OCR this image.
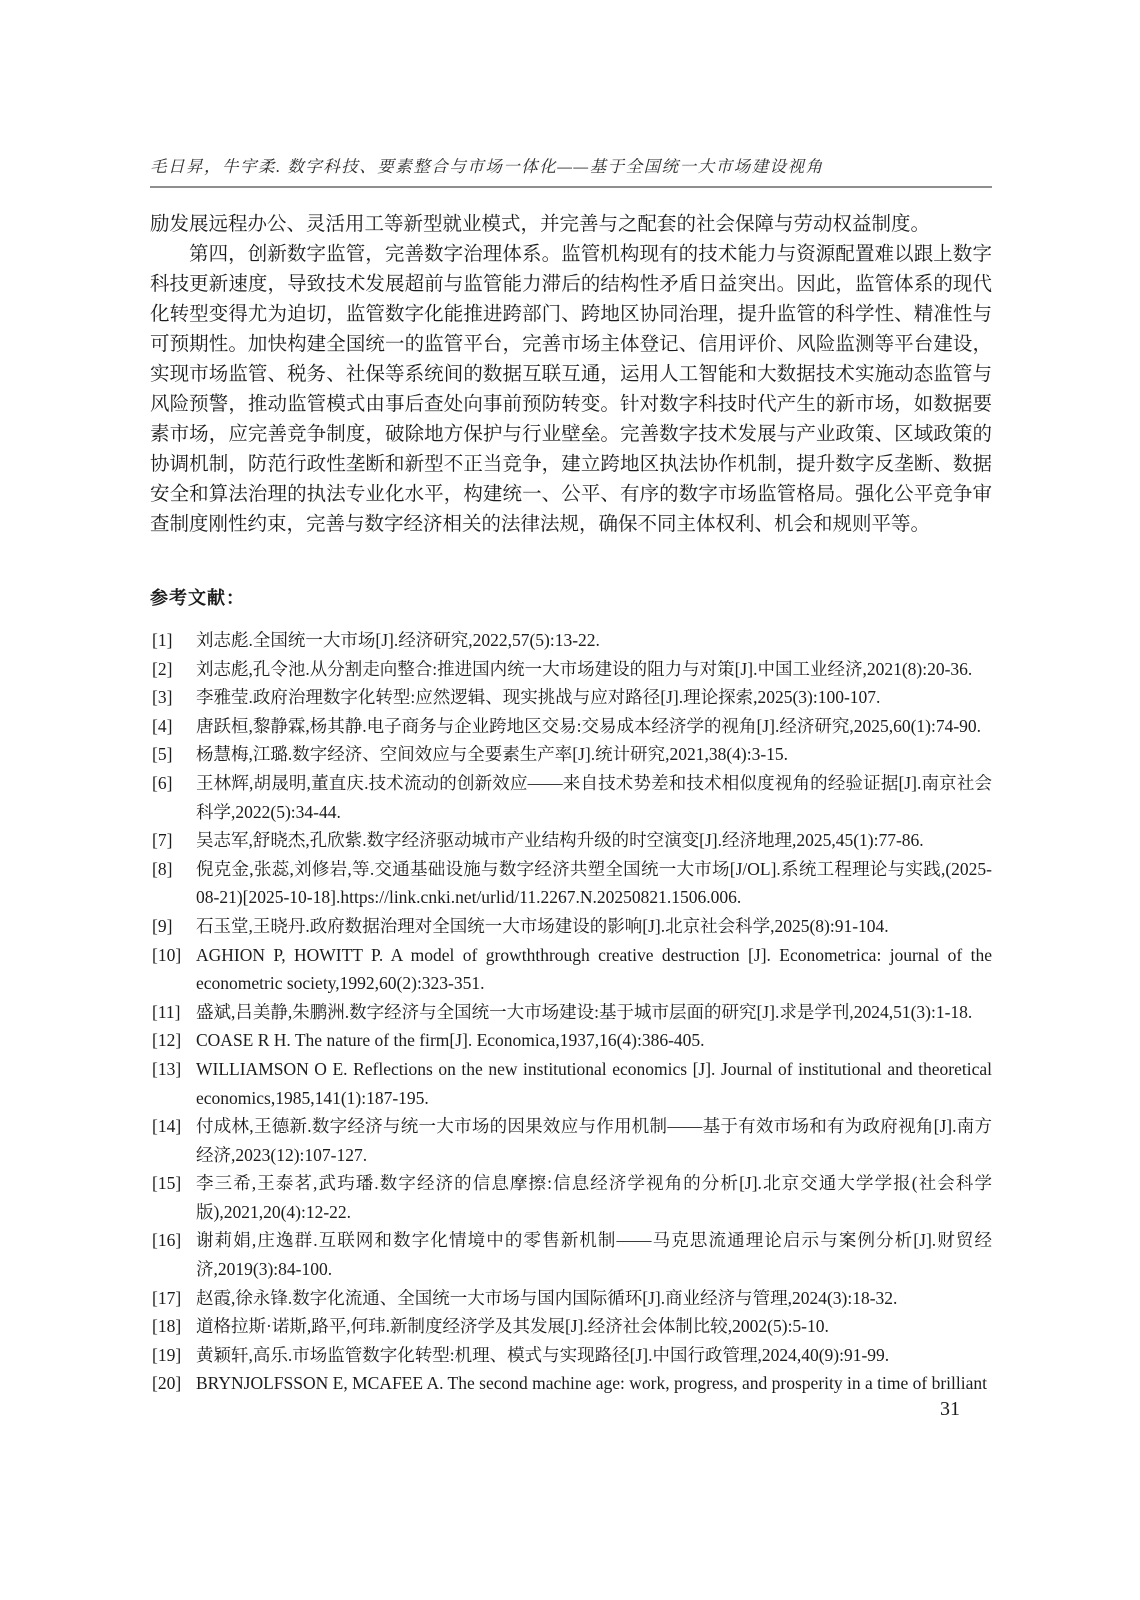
毛日昇，牛宇柔. 数字科技、要素整合与市场一体化——基于全国统一大市场建设视角

励发展远程办公、灵活用工等新型就业模式，并完善与之配套的社会保障与劳动权益制度。

第四，创新数字监管，完善数字治理体系。监管机构现有的技术能力与资源配置难以跟上数字科技更新速度，导致技术发展超前与监管能力滞后的结构性矛盾日益突出。因此，监管体系的现代化转型变得尤为迫切，监管数字化能推进跨部门、跨地区协同治理，提升监管的科学性、精准性与可预期性。加快构建全国统一的监管平台，完善市场主体登记、信用评价、风险监测等平台建设，实现市场监管、税务、社保等系统间的数据互联互通，运用人工智能和大数据技术实施动态监管与风险预警，推动监管模式由事后查处向事前预防转变。针对数字科技时代产生的新市场，如数据要素市场，应完善竞争制度，破除地方保护与行业壁垒。完善数字技术发展与产业政策、区域政策的协调机制，防范行政性垄断和新型不正当竞争，建立跨地区执法协作机制，提升数字反垄断、数据安全和算法治理的执法专业化水平，构建统一、公平、有序的数字市场监管格局。强化公平竞争审查制度刚性约束，完善与数字经济相关的法律法规，确保不同主体权利、机会和规则平等。

参考文献：
[1] 刘志彪.全国统一大市场[J].经济研究,2022,57(5):13-22.
[2] 刘志彪,孔令池.从分割走向整合:推进国内统一大市场建设的阻力与对策[J].中国工业经济,2021(8):20-36.
[3] 李雅莹.政府治理数字化转型:应然逻辑、现实挑战与应对路径[J].理论探索,2025(3):100-107.
[4] 唐跃桓,黎静霖,杨其静.电子商务与企业跨地区交易:交易成本经济学的视角[J].经济研究,2025,60(1):74-90.
[5] 杨慧梅,江璐.数字经济、空间效应与全要素生产率[J].统计研究,2021,38(4):3-15.
[6] 王林辉,胡晟明,董直庆.技术流动的创新效应——来自技术势差和技术相似度视角的经验证据[J].南京社会科学,2022(5):34-44.
[7] 吴志军,舒晓杰,孔欣紫.数字经济驱动城市产业结构升级的时空演变[J].经济地理,2025,45(1):77-86.
[8] 倪克金,张蕊,刘修岩,等.交通基础设施与数字经济共塑全国统一大市场[J/OL].系统工程理论与实践,(2025-08-21)[2025-10-18].https://link.cnki.net/urlid/11.2267.N.20250821.1506.006.
[9] 石玉堂,王晓丹.政府数据治理对全国统一大市场建设的影响[J].北京社会科学,2025(8):91-104.
[10] AGHION P, HOWITT P. A model of growththrough creative destruction [J]. Econometrica: journal of the econometric society,1992,60(2):323-351.
[11] 盛斌,吕美静,朱鹏洲.数字经济与全国统一大市场建设:基于城市层面的研究[J].求是学刊,2024,51(3):1-18.
[12] COASE R H. The nature of the firm[J]. Economica,1937,16(4):386-405.
[13] WILLIAMSON O E. Reflections on the new institutional economics [J]. Journal of institutional and theoretical economics,1985,141(1):187-195.
[14] 付成林,王德新.数字经济与统一大市场的因果效应与作用机制——基于有效市场和有为政府视角[J].南方经济,2023(12):107-127.
[15] 李三希,王泰茗,武玙璠.数字经济的信息摩擦:信息经济学视角的分析[J].北京交通大学学报(社会科学版),2021,20(4):12-22.
[16] 谢莉娟,庄逸群.互联网和数字化情境中的零售新机制——马克思流通理论启示与案例分析[J].财贸经济,2019(3):84-100.
[17] 赵霞,徐永锋.数字化流通、全国统一大市场与国内国际循环[J].商业经济与管理,2024(3):18-32.
[18] 道格拉斯·诺斯,路平,何玮.新制度经济学及其发展[J].经济社会体制比较,2002(5):5-10.
[19] 黄颖轩,高乐.市场监管数字化转型:机理、模式与实现路径[J].中国行政管理,2024,40(9):91-99.
[20] BRYNJOLFSSON E, MCAFEE A. The second machine age: work, progress, and prosperity in a time of brilliant
31
